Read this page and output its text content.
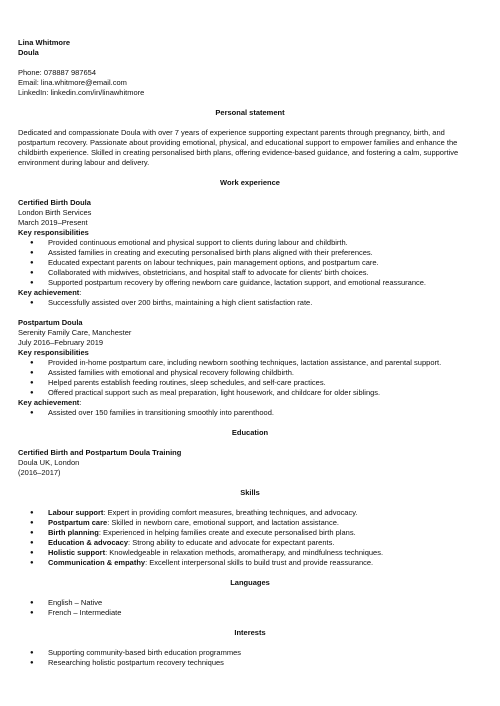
Lina Whitmore

Doula

Phone: 078887 987654

Email: lina.whitmore@email.com

LinkedIn: linkedin.com/in/linawhitmore

Personal statement

Dedicated and compassionate Doula with over 7 years of experience supporting expectant parents through pregnancy, birth, and postpartum recovery. Passionate about providing emotional, physical, and educational support to empower families and enhance the childbirth experience. Skilled in creating personalised birth plans, offering evidence-based guidance, and fostering a calm, supportive environment during labour and delivery.

Work experience

Certified Birth Doula

London Birth Services

March 2019–Present

Key responsibilities

● Provided continuous emotional and physical support to clients during labour and childbirth.
● Assisted families in creating and executing personalised birth plans aligned with their preferences.
● Educated expectant parents on labour techniques, pain management options, and postpartum care.
● Collaborated with midwives, obstetricians, and hospital staff to advocate for clients' birth choices.
● Supported postpartum recovery by offering newborn care guidance, lactation support, and emotional reassurance.

Key achievement:

● Successfully assisted over 200 births, maintaining a high client satisfaction rate.

Postpartum Doula

Serenity Family Care, Manchester

July 2016–February 2019

Key responsibilities

● Provided in-home postpartum care, including newborn soothing techniques, lactation assistance, and parental support.
● Assisted families with emotional and physical recovery following childbirth.
● Helped parents establish feeding routines, sleep schedules, and self-care practices.
● Offered practical support such as meal preparation, light housework, and childcare for older siblings.

Key achievement:

● Assisted over 150 families in transitioning smoothly into parenthood.

Education

Certified Birth and Postpartum Doula Training

Doula UK, London

(2016–2017)

Skills

● Labour support: Expert in providing comfort measures, breathing techniques, and advocacy.
● Postpartum care: Skilled in newborn care, emotional support, and lactation assistance.
● Birth planning: Experienced in helping families create and execute personalised birth plans.
● Education & advocacy: Strong ability to educate and advocate for expectant parents.
● Holistic support: Knowledgeable in relaxation methods, aromatherapy, and mindfulness techniques.
● Communication & empathy: Excellent interpersonal skills to build trust and provide reassurance.

Languages

● English – Native
● French – Intermediate

Interests

● Supporting community-based birth education programmes
● Researching holistic postpartum recovery techniques
